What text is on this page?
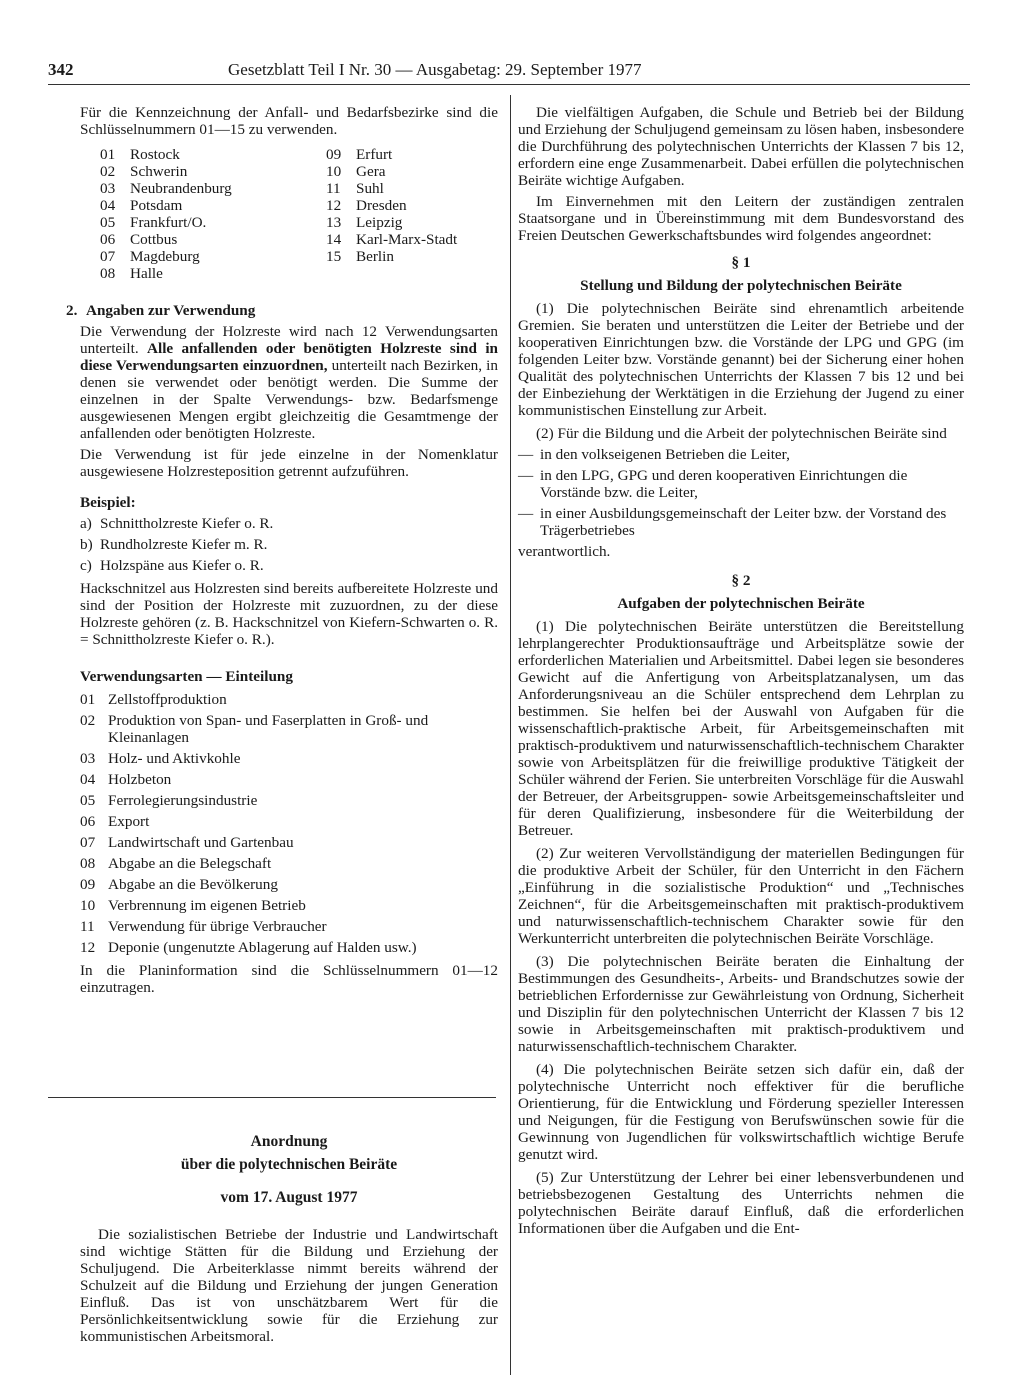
342	Gesetzblatt Teil I Nr. 30 — Ausgabetag: 29. September 1977

Für die Kennzeichnung der Anfall- und Bedarfsbezirke sind die Schlüsselnummern 01—15 zu verwenden.

01 Rostock
02 Schwerin
03 Neubrandenburg
04 Potsdam
05 Frankfurt/O.
06 Cottbus
07 Magdeburg
08 Halle
09 Erfurt
10 Gera
11	Suhl
12 Dresden
13 Leipzig
14 Karl-Marx-Stadt
15 Berlin
2. Angaben zur Verwendung

Die Verwendung der Holzreste wird nach 12 Verwendungsarten unterteilt. Alle anfallenden oder benötigten Holzreste sind in diese Verwendungsarten einzuordnen, unterteilt nach Bezirken, in denen sie verwendet oder benötigt werden. Die Summe der einzelnen in der Spalte Verwendungs- bzw. Bedarfsmenge ausgewiesenen Mengen ergibt gleichzeitig die Gesamtmenge der anfallenden oder benötigten Holzreste.

Die Verwendung ist für jede einzelne in der Nomenklatur ausgewiesene Holzresteposition getrennt aufzuführen.

Beispiel:

a) Schnittholzreste Kiefer o. R.
b) Rundholzreste Kiefer m. R.
c) Holzspäne aus Kiefer o. R.

Hackschnitzel aus Holzresten sind bereits aufbereitete Holzreste und sind der Position der Holzreste mit zuzuordnen, zu der diese Holzreste gehören (z. B. Hackschnitzel von Kiefern-Schwarten o. R. = Schnittholzreste Kiefer o. R.).

Verwendungsarten — Einteilung

01 Zellstoffproduktion
02 Produktion von Span- und Faserplatten in Groß- und Kleinanlagen
03 Holz- und Aktivkohle
04 Holzbeton
05 Ferrolegierungsindustrie
06 Export
07 Landwirtschaft und Gartenbau
08 Abgabe an die Belegschaft
09 Abgabe an die Bevölkerung
10 Verbrennung im eigenen Betrieb
11 Verwendung für übrige Verbraucher
12 Deponie (ungenutzte Ablagerung auf Halden usw.)

In die Planinformation sind die Schlüsselnummern 01—12 einzutragen.

Anordnung
über die polytechnischen Beiräte
vom 17. August 1977

Die sozialistischen Betriebe der Industrie und Landwirtschaft sind wichtige Stätten für die Bildung und Erziehung der Schuljugend. Die Arbeiterklasse nimmt bereits während der Schulzeit auf die Bildung und Erziehung der jungen Generation Einfluß. Das ist von unschätzbarem Wert für die Persönlichkeitsentwicklung sowie für die Erziehung zur kommunistischen Arbeitsmoral.

Die vielfältigen Aufgaben, die Schule und Betrieb bei der Bildung und Erziehung der Schuljugend gemeinsam zu lösen haben, insbesondere die Durchführung des polytechnischen Unterrichts der Klassen 7 bis 12, erfordern eine enge Zusammenarbeit. Dabei erfüllen die polytechnischen Beiräte wichtige Aufgaben.

Im Einvernehmen mit den Leitern der zuständigen zentralen Staatsorgane und in Übereinstimmung mit dem Bundesvorstand des Freien Deutschen Gewerkschaftsbundes wird folgendes angeordnet:

§ 1
Stellung und Bildung der polytechnischen Beiräte

(1) Die polytechnischen Beiräte sind ehrenamtlich arbeitende Gremien. Sie beraten und unterstützen die Leiter der Betriebe und der kooperativen Einrichtungen bzw. die Vorstände der LPG und GPG (im folgenden Leiter bzw. Vorstände genannt) bei der Sicherung einer hohen Qualität des polytechnischen Unterrichts der Klassen 7 bis 12 und bei der Einbeziehung der Werktätigen in die Erziehung der Jugend zu einer kommunistischen Einstellung zur Arbeit.

(2) Für die Bildung und die Arbeit der polytechnischen Beiräte sind

— in den volkseigenen Betrieben die Leiter,
— in den LPG, GPG und deren kooperativen Einrichtungen die Vorstände bzw. die Leiter,
— in einer Ausbildungsgemeinschaft der Leiter bzw. der Vorstand des Trägerbetriebes

verantwortlich.

§ 2
Aufgaben der polytechnischen Beiräte

(1) Die polytechnischen Beiräte unterstützen die Bereitstellung lehrplangerechter Produktionsaufträge und Arbeitsplätze sowie der erforderlichen Materialien und Arbeitsmittel. Dabei legen sie besonderes Gewicht auf die Anfertigung von Arbeitsplatzanalysen, um das Anforderungsniveau an die Schüler entsprechend dem Lehrplan zu bestimmen. Sie helfen bei der Auswahl von Aufgaben für die wissenschaftlich-praktische Arbeit, für Arbeitsgemeinschaften mit praktisch-produktivem und naturwissenschaftlich-technischem Charakter sowie von Arbeitsplätzen für die freiwillige produktive Tätigkeit der Schüler während der Ferien. Sie unterbreiten Vorschläge für die Auswahl der Betreuer, der Arbeitsgruppen- sowie Arbeitsgemeinschaftsleiter und für deren Qualifizierung, insbesondere für die Weiterbildung der Betreuer.

(2) Zur weiteren Vervollständigung der materiellen Bedingungen für die produktive Arbeit der Schüler, für den Unterricht in den Fächern „Einführung in die sozialistische Produktion“ und „Technisches Zeichnen“, für die Arbeitsgemeinschaften mit praktisch-produktivem und naturwissenschaftlich-technischem Charakter sowie für den Werkunterricht unterbreiten die polytechnischen Beiräte Vorschläge.

(3) Die polytechnischen Beiräte beraten die Einhaltung der Bestimmungen des Gesundheits-, Arbeits- und Brandschutzes sowie der betrieblichen Erfordernisse zur Gewährleistung von Ordnung, Sicherheit und Disziplin für den polytechnischen Unterricht der Klassen 7 bis 12 sowie in Arbeitsgemeinschaften mit praktisch-produktivem und naturwissenschaftlich-technischem Charakter.

(4) Die polytechnischen Beiräte setzen sich dafür ein, daß der polytechnische Unterricht noch effektiver für die berufliche Orientierung, für die Entwicklung und Förderung spezieller Interessen und Neigungen, für die Festigung von Berufswünschen sowie für die Gewinnung von Jugendlichen für volkswirtschaftlich wichtige Berufe genutzt wird.

(5) Zur Unterstützung der Lehrer bei einer lebensverbundenen und betriebsbezogenen Gestaltung des Unterrichts nehmen die polytechnischen Beiräte darauf Einfluß, daß die erforderlichen Informationen über die Aufgaben und die Ent-
